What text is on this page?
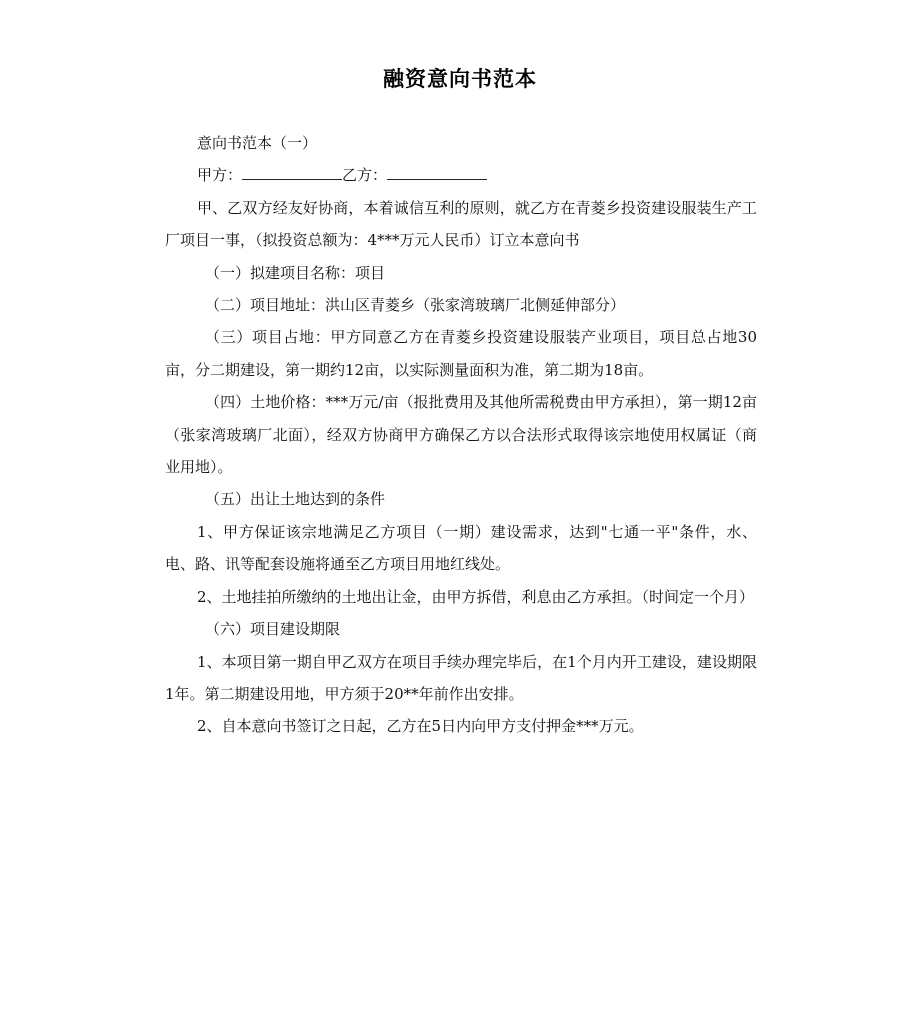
融资意向书范本

意向书范本（一）

甲方：	乙方：

甲、乙双方经友好协商，本着诚信互利的原则，就乙方在青菱乡投资建设服装生产工厂项目一事，（拟投资总额为：4***万元人民币）订立本意向书

（一）拟建项目名称：项目

（二）项目地址：洪山区青菱乡（张家湾玻璃厂北侧延伸部分）

（三）项目占地：甲方同意乙方在青菱乡投资建设服装产业项目，项目总占地30亩，分二期建设，第一期约12亩，以实际测量面积为准，第二期为18亩。

（四）土地价格：***万元/亩（报批费用及其他所需税费由甲方承担），第一期12亩（张家湾玻璃厂北面），经双方协商甲方确保乙方以合法形式取得该宗地使用权属证（商业用地）。

（五）出让土地达到的条件

1、甲方保证该宗地满足乙方项目（一期）建设需求，达到"七通一平"条件，水、电、路、讯等配套设施将通至乙方项目用地红线处。

2、土地挂拍所缴纳的土地出让金，由甲方拆借，利息由乙方承担。（时间定一个月）

（六）项目建设期限

1、本项目第一期自甲乙双方在项目手续办理完毕后，在1个月内开工建设，建设期限1年。第二期建设用地，甲方须于20**年前作出安排。

2、自本意向书签订之日起，乙方在5日内向甲方支付押金***万元。
